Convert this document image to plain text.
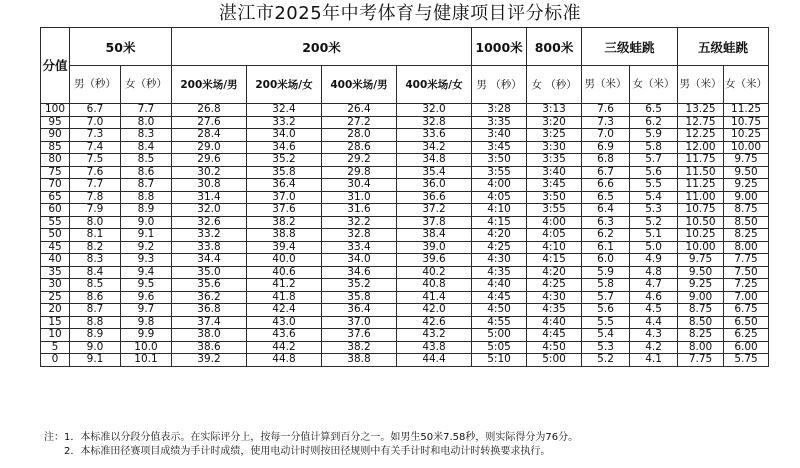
湛江市2025年中考体育与健康项目评分标准
分值	50米		200米				1000米	800米	三级蛙跳		五级蛙跳	
	男（秒）	女（秒）	200米场/男	200米场/女	400米场/男	400米场/女	男 （秒）	女 （秒）	男（米）	女（米）	男（米）	女（米）
100	6.7	7.7	26.8	32.4	26.4	32.0	3:28	3:13	7.6	6.5	13.25	11.25
95	7.0	8.0	27.6	33.2	27.2	32.8	3:35	3:20	7.3	6.2	12.75	10.75
90	7.3	8.3	28.4	34.0	28.0	33.6	3:40	3:25	7.0	5.9	12.25	10.25
85	7.4	8.4	29.0	34.6	28.6	34.2	3:45	3:30	6.9	5.8	12.00	10.00
80	7.5	8.5	29.6	35.2	29.2	34.8	3:50	3:35	6.8	5.7	11.75	9.75
75	7.6	8.6	30.2	35.8	29.8	35.4	3:55	3:40	6.7	5.6	11.50	9.50
70	7.7	8.7	30.8	36.4	30.4	36.0	4:00	3:45	6.6	5.5	11.25	9.25
65	7.8	8.8	31.4	37.0	31.0	36.6	4:05	3:50	6.5	5.4	11.00	9.00
60	7.9	8.9	32.0	37.6	31.6	37.2	4:10	3:55	6.4	5.3	10.75	8.75
55	8.0	9.0	32.6	38.2	32.2	37.8	4:15	4:00	6.3	5.2	10.50	8.50
50	8.1	9.1	33.2	38.8	32.8	38.4	4:20	4:05	6.2	5.1	10.25	8.25
45	8.2	9.2	33.8	39.4	33.4	39.0	4:25	4:10	6.1	5.0	10.00	8.00
40	8.3	9.3	34.4	40.0	34.0	39.6	4:30	4:15	6.0	4.9	9.75	7.75
35	8.4	9.4	35.0	40.6	34.6	40.2	4:35	4:20	5.9	4.8	9.50	7.50
30	8.5	9.5	35.6	41.2	35.2	40.8	4:40	4:25	5.8	4.7	9.25	7.25
25	8.6	9.6	36.2	41.8	35.8	41.4	4:45	4:30	5.7	4.6	9.00	7.00
20	8.7	9.7	36.8	42.4	36.4	42.0	4:50	4:35	5.6	4.5	8.75	6.75
15	8.8	9.8	37.4	43.0	37.0	42.6	4:55	4:40	5.5	4.4	8.50	6.50
10	8.9	9.9	38.0	43.6	37.6	43.2	5:00	4:45	5.4	4.3	8.25	6.25
5	9.0	10.0	38.6	44.2	38.2	43.8	5:05	4:50	5.3	4.2	8.00	6.00
0	9.1	10.1	39.2	44.8	38.8	44.4	5:10	5:00	5.2	4.1	7.75	5.75
注：1．本标准以分段分值表示。在实际评分上，按每一分值计算到百分之一。如男生50米7.58秒，则实际得分为76分。
2．本标准田径赛项目成绩为手计时成绩，使用电动计时则按田径规则中有关手计时和电动计时转换要求执行。
